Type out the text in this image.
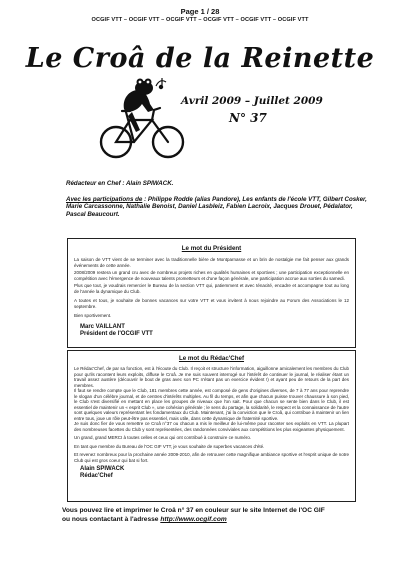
Page 1 / 28
OCGIF VTT – OCGIF VTT – OCGIF VTT – OCGIF VTT – OCGIF VTT – OCGIF VTT
Le Croâ de la Reinette
Avril 2009 – Juillet 2009
N° 37
Rédacteur en Chef : Alain SPIWACK.
Avec les participations de : Philippe Rodde (alias Pandore), Les enfants de l'école VTT, Gilbert Cosker, Marie Carcassonne, Nathalie Benoist, Daniel Lasbleiz, Fabien Lacroix, Jacques Drouet, Pédalator, Pascal Beaucourt.
Le mot du Président

La saison de VTT vient de se terminer avec la traditionnelle bière de Montparnasse et un brin de nostalgie me fait penser aux grands événements de cette année.

2008/2009 restera un grand cru avec de nombreux projets riches en qualités humaines et sportives ; une participation exceptionnelle en compétition avec l'émergence de nouveaux talents prometteurs et d'une façon générale, une participation accrue aux sorties du samedi.

Plus que tout, je voudrais remercier le Bureau de la section VTT qui, patiemment et avec ténacité, encadre et accompagne tout au long de l'année la dynamique du Club.

A toutes et tous, je souhaite de bonnes vacances sur votre VTT et vous invitent à nous rejoindre au Forum des Associations le 12 septembre.

Bien sportivement.

Marc VAILLANT
Président de l'OCGIF VTT
Le mot du Rédac'Chef

Le Rédac'Chef, de par sa fonction, est à l'écoute du Club. Il reçoit et structure l'information, aiguillonne amicalement les membres du Club pour qu'ils racontent leurs exploits, diffuse le Croâ. Je me suis souvent interrogé sur l'intérêt de continuer le journal, le réaliser étant un travail assez austère (découvrir le bout de gras avec son PC n'étant pas un exercice évident !) et ayant peu de retours de la part des membres.

Il faut se rendre compte que le Club, 181 membres cette année, est composé de gens d'origines diverses, de 7 à 77 ans pour reprendre le slogan d'un célèbre journal, et de centres d'intérêts multiples. Au fil du temps, et afin que chacun puisse trouver chaussure à son pied, le Club s'est diversifié en mettant en place les groupes de niveaux que l'on sait. Pour que chacun se sente bien dans le Club, il est essentiel de maintenir un « esprit Club », une cohésion générale ; le sens du partage, la solidarité, le respect et la connaissance de l'autre sont quelques valeurs représentant les fondamentaux du Club. Maintenant, j'ai la conviction que le Croâ, qui contribue à maintenir un lien entre tous, joue un rôle peut-être pas essentiel, mais utile, dans cette dynamique de fraternité sportive.

Je suis donc fier de vous remettre ce Croâ n°37 ou chacun a mis le meilleur de lui-même pour raconter ses exploits en VTT. La plupart des nombreuses facettes du Club y sont représentées, des randonnées conviviales aux compétitions les plus exigeantes physiquement.

Un grand, grand MERCI à toutes celles et ceux qui ont contribué à construire ce numéro.

En tant que membre du Bureau de l'OC GIF VTT, je vous souhaite de superbes vacances d'été.

Et revenez nombreux pour la prochaine année 2009-2010, afin de retrouver cette magnifique ambiance sportive et l'esprit unique de notre Club qui est gros coeur qui bat si fort.

Alain SPIWACK
Rédac'Chef
Vous pouvez lire et imprimer le Croâ n° 37 en couleur sur le site Internet de l'OC GIF
ou nous contactant à l'adresse http://www.ocgif.com
